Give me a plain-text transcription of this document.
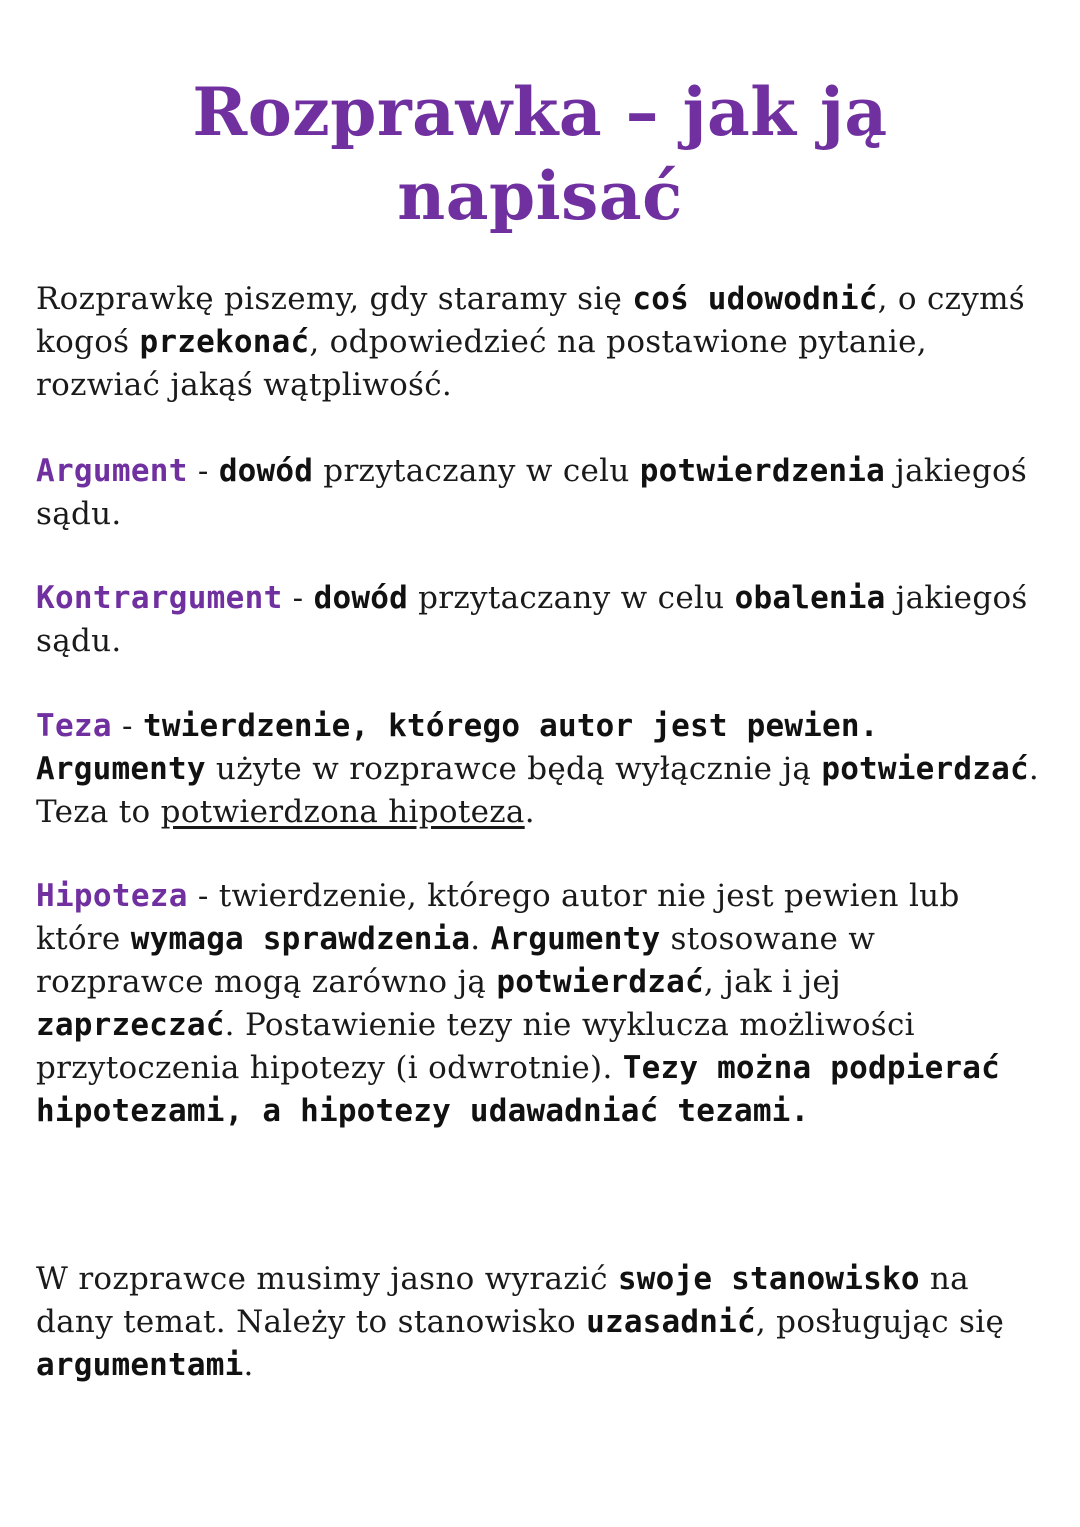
Rozprawka – jak ją
napisać

Rozprawkę piszemy, gdy staramy się coś udowodnić, o czymś kogoś przekonać, odpowiedzieć na postawione pytanie, rozwiać jakąś wątpliwość.

Argument - dowód przytaczany w celu potwierdzenia jakiegoś sądu.

Kontrargument - dowód przytaczany w celu obalenia jakiegoś sądu.

Teza - twierdzenie, którego autor jest pewien. Argumenty użyte w rozprawce będą wyłącznie ją potwierdzać. Teza to potwierdzona hipoteza.

Hipoteza - twierdzenie, którego autor nie jest pewien lub które wymaga sprawdzenia. Argumenty stosowane w rozprawce mogą zarówno ją potwierdzać, jak i jej zaprzeczać. Postawienie tezy nie wyklucza możliwości przytoczenia hipotezy (i odwrotnie). Tezy można podpierać hipotezami, a hipotezy udawadniać tezami.

W rozprawce musimy jasno wyrazić swoje stanowisko na dany temat. Należy to stanowisko uzasadnić, posługując się argumentami.
